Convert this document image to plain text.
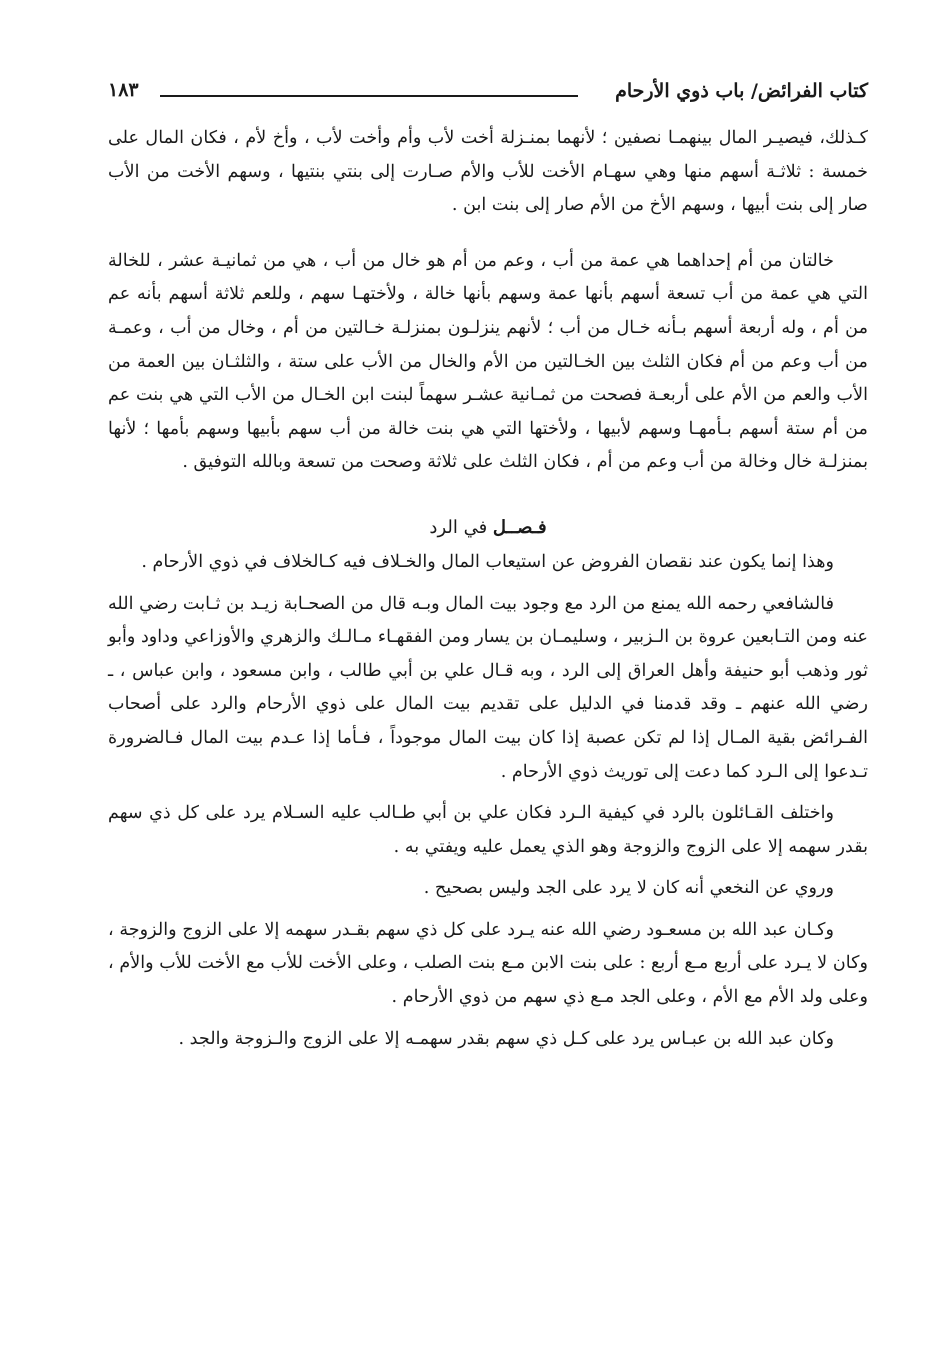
كتاب الفرائض/ باب ذوي الأرحام
١٨٣

كـذلك، فيصيـر المال بينهمـا نصفين ؛ لأنهما بمنـزلة أخت لأب وأم وأخت لأب ، وأخ لأم ، فكان المال على خمسة : ثلاثـة أسهم منها وهي سهـام الأخت للأب والأم صـارت إلى بنتي بنتيها ، وسهم الأخت من الأب صار إلى بنت أبيها ، وسهم الأخ من الأم صار إلى بنت ابن .

خالتان من أم إحداهما هي عمة من أب ، وعم من أم هو خال من أب ، هي من ثمانيـة عشر ، للخالة التي هي عمة من أب تسعة أسهم بأنها عمة وسهم بأنها خالة ، ولأختهـا سهم ، وللعم ثلاثة أسهم بأنه عم من أم ، وله أربعة أسهم بـأنه خـال من أب ؛ لأنهم ينزلـون بمنزلـة خـالتين من أم ، وخال من أب ، وعمـة من أب وعم من أم فكان الثلث بين الخـالتين من الأم والخال من الأب على ستة ، والثلثـان بين العمة من الأب والعم من الأم على أربعـة فصحت من ثمـانية عشـر سهماً لبنت ابن الخـال من الأب التي هي بنت عم من أم ستة أسهم بـأمهـا وسهم لأبيها ، ولأختها التي هي بنت خالة من أب سهم بأبيها وسهم بأمها ؛ لأنها بمنزلـة خال وخالة من أب وعم من أم ، فكان الثلث على ثلاثة وصحت من تسعة وبالله التوفيق .

فـصــل في الرد

وهذا إنما يكون عند نقصان الفروض عن استيعاب المال والخـلاف فيه كـالخلاف في ذوي الأرحام .

فالشافعي رحمه الله يمنع من الرد مع وجود بيت المال وبـه قال من الصحـابة زيـد بن ثـابت رضي الله عنه ومن التـابعين عروة بن الـزبير ، وسليمـان بن يسار ومن الفقهـاء مـالـك والزهري والأوزاعي وداود وأبو ثور وذهب أبو حنيفة وأهل العراق إلى الرد ، وبه قـال علي بن أبي طالب ، وابن مسعود ، وابن عباس ، ـ رضي الله عنهم ـ وقد قدمنا في الدليل على تقديم بيت المال على ذوي الأرحام والرد على أصحاب الفـرائض بقية المـال إذا لم تكن عصبة إذا كان بيت المال موجوداً ، فـأما إذا عـدم بيت المال فـالضرورة تـدعوا إلى الـرد كما دعت إلى توريث ذوي الأرحام .

واختلف القـائلون بالرد في كيفية الـرد فكان علي بن أبي طـالب عليه السـلام يرد على كل ذي سهم بقدر سهمه إلا على الزوج والزوجة وهو الذي يعمل عليه ويفتي به .

وروي عن النخعي أنه كان لا يرد على الجد وليس بصحيح .

وكـان عبد الله بن مسعـود رضي الله عنه يـرد على كل ذي سهم بقـدر سهمه إلا على الزوج والزوجة ، وكان لا يـرد على أربع مـع أربع : على بنت الابن مـع بنت الصلب ، وعلى الأخت للأب مع الأخت للأب والأم ، وعلى ولد الأم مع الأم ، وعلى الجد مـع ذي سهم من ذوي الأرحام .

وكان عبد الله بن عبـاس يرد على كـل ذي سهم بقدر سهمـه إلا على الزوج والـزوجة والجد .
